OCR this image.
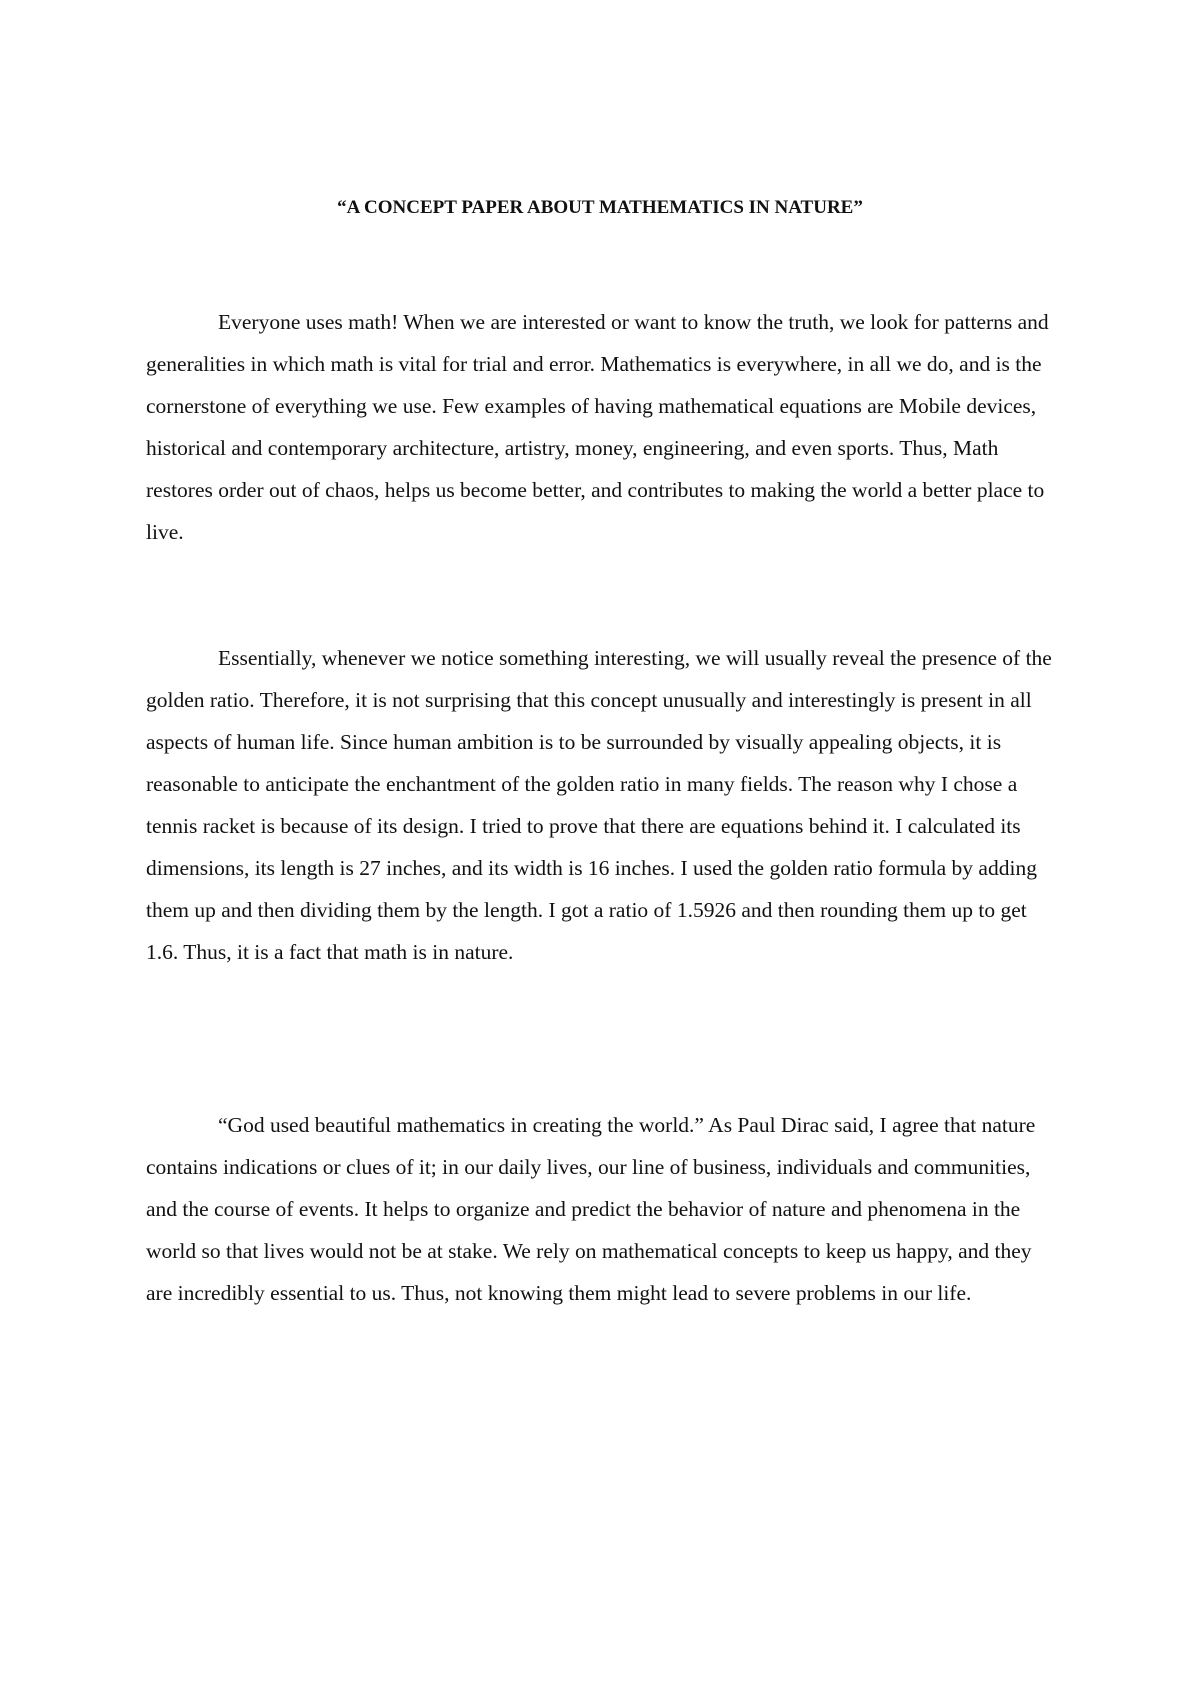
“A CONCEPT PAPER ABOUT MATHEMATICS IN NATURE”

Everyone uses math! When we are interested or want to know the truth, we look for patterns and generalities in which math is vital for trial and error. Mathematics is everywhere, in all we do, and is the cornerstone of everything we use. Few examples of having mathematical equations are Mobile devices, historical and contemporary architecture, artistry, money, engineering, and even sports. Thus, Math restores order out of chaos, helps us become better, and contributes to making the world a better place to live.

Essentially, whenever we notice something interesting, we will usually reveal the presence of the golden ratio. Therefore, it is not surprising that this concept unusually and interestingly is present in all aspects of human life. Since human ambition is to be surrounded by visually appealing objects, it is reasonable to anticipate the enchantment of the golden ratio in many fields. The reason why I chose a tennis racket is because of its design. I tried to prove that there are equations behind it. I calculated its dimensions, its length is 27 inches, and its width is 16 inches. I used the golden ratio formula by adding them up and then dividing them by the length. I got a ratio of 1.5926 and then rounding them up to get 1.6. Thus, it is a fact that math is in nature.

“God used beautiful mathematics in creating the world.” As Paul Dirac said, I agree that nature contains indications or clues of it; in our daily lives, our line of business, individuals and communities, and the course of events. It helps to organize and predict the behavior of nature and phenomena in the world so that lives would not be at stake. We rely on mathematical concepts to keep us happy, and they are incredibly essential to us. Thus, not knowing them might lead to severe problems in our life.
